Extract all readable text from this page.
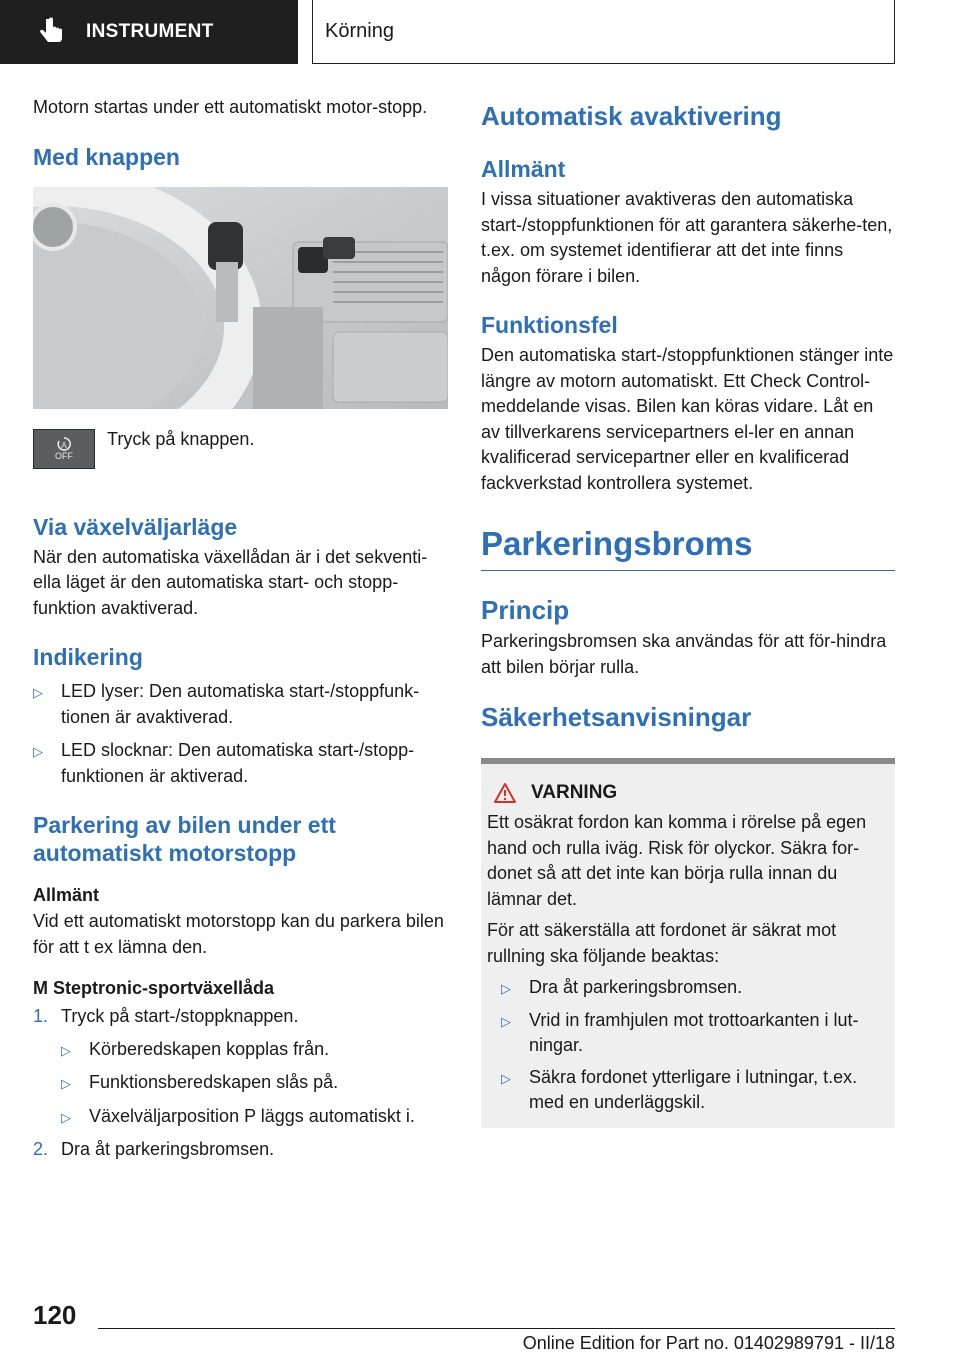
INSTRUMENT	Körning

Motorn startas under ett automatiskt motor-stopp.

Med knappen
A
OFF

Tryck på knappen.

Via växelväljarläge

När den automatiska växellådan är i det sekventi-ella läget är den automatiska start- och stopp-funktion avaktiverad.

Indikering
▷	LED lyser: Den automatiska start-/stoppfunk-tionen är avaktiverad.
▷	LED slocknar: Den automatiska start-/stopp-funktionen är aktiverad.
Parkering av bilen under ett automatiskt motorstopp
Allmänt

Vid ett automatiskt motorstopp kan du parkera bilen för att t ex lämna den.

M Steptronic-sportväxellåda
1. Tryck på start-/stoppknappen.
▷	Körberedskapen kopplas från.
▷	Funktionsberedskapen slås på.
▷	Växelväljarposition P läggs automatiskt i.
2. Dra åt parkeringsbromsen.
Automatisk avaktivering
Allmänt

I vissa situationer avaktiveras den automatiska start-/stoppfunktionen för att garantera säkerhe-ten, t.ex. om systemet identifierar att det inte finns någon förare i bilen.

Funktionsfel

Den automatiska start-/stoppfunktionen stänger inte längre av motorn automatiskt. Ett Check Control-meddelande visas. Bilen kan köras vidare. Låt en av tillverkarens servicepartners el-ler en annan kvalificerad servicepartner eller en kvalificerad fackverkstad kontrollera systemet.

Parkeringsbroms
Princip

Parkeringsbromsen ska användas för att för-hindra att bilen börjar rulla.

Säkerhetsanvisningar
VARNING

Ett osäkrat fordon kan komma i rörelse på egen hand och rulla iväg. Risk för olyckor. Säkra for-donet så att det inte kan börja rulla innan du lämnar det.

För att säkerställa att fordonet är säkrat mot rullning ska följande beaktas:

▷	Dra åt parkeringsbromsen.
▷	Vrid in framhjulen mot trottoarkanten i lut-ningar.
▷	Säkra fordonet ytterligare i lutningar, t.ex. med en underläggskil.
120
Online Edition for Part no. 01402989791 - II/18
